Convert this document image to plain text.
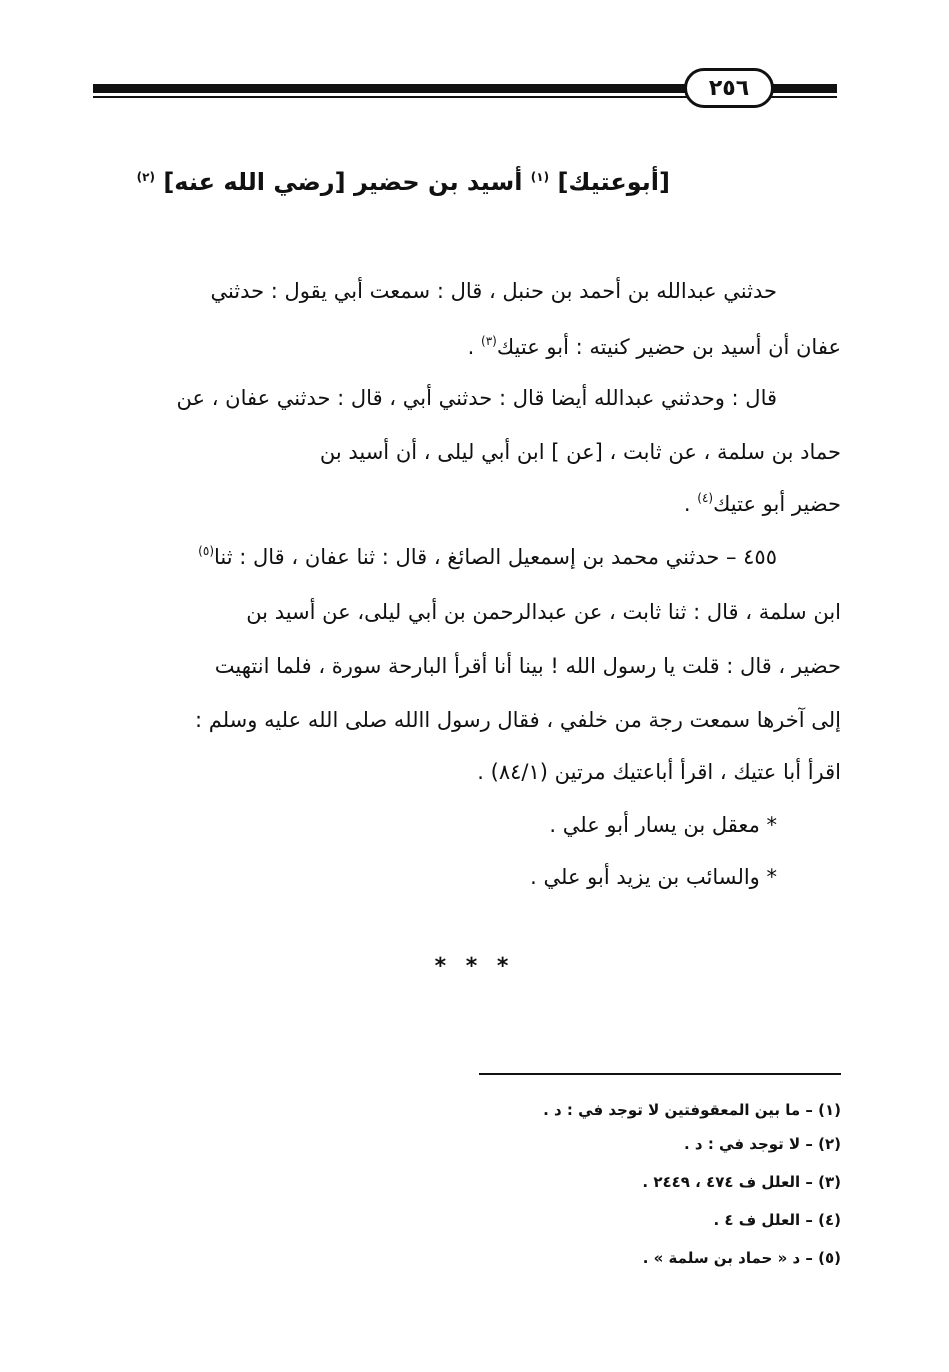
٢٥٦
[أبوعتيك] $^{(١)}$ أسيد بن حضير [رضي الله عنه] $^{(٢)}$
حدثني عبدالله بن أحمد بن حنبل ، قال : سمعت أبي يقول : حدثني
عفان أن أسيد بن حضير كنيته : أبو عتيك$^{(٣)}$ .
قال : وحدثني عبدالله أيضا قال : حدثني أبي ، قال : حدثني عفان ، عن
حماد بن سلمة ، عن ثابت ، [عن ] ابن أبي ليلى ، أن أسيد بن
حضير أبو عتيك$^{(٤)}$ .
٤٥٥ – حدثني محمد بن إسمعيل الصائغ ، قال : ثنا عفان ، قال : ثنا$^{(٥)}$
ابن سلمة ، قال : ثنا ثابت ، عن عبدالرحمن بن أبي ليلى، عن أسيد بن
حضير ، قال : قلت يا رسول الله ! بينا أنا أقرأ البارحة سورة ، فلما انتهيت
إلى آخرها سمعت رجة من خلفي ، فقال رسول االله صلى الله عليه وسلم :
اقرأ أبا عتيك ، اقرأ أباعتيك مرتين (٨٤/١) .
* معقل بن يسار أبو علي .
* والسائب بن يزيد أبو علي .
* * *
(١) – ما بين المعقوفتين لا توجد في : د .
(٢) – لا توجد في : د .
(٣) – العلل ف ٤٧٤ ، ٢٤٤٩ .
(٤) – العلل ف ٤ .
(٥) – د « حماد بن سلمة » .
